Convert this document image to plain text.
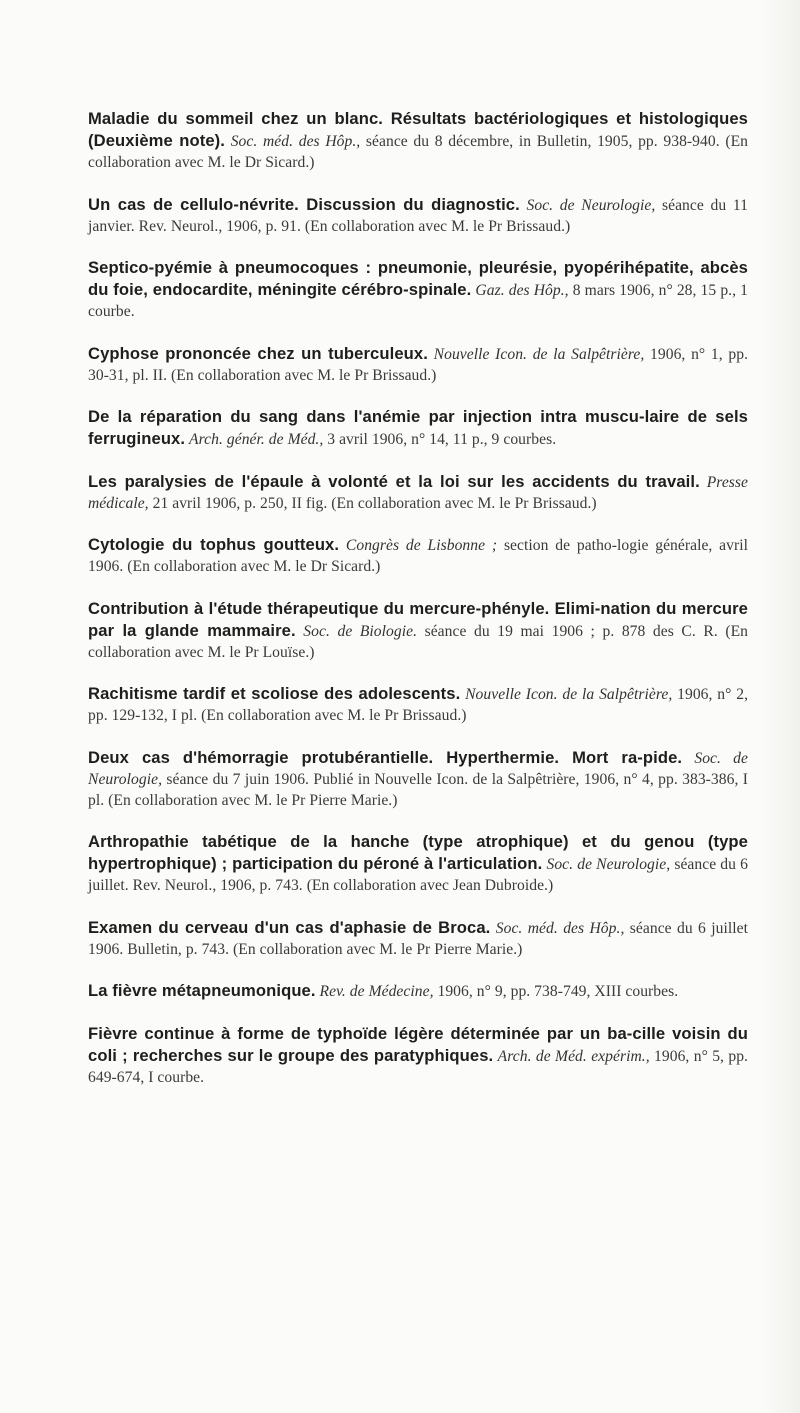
Maladie du sommeil chez un blanc. Résultats bactériologiques et histologiques (Deuxième note). Soc. méd. des Hôp., séance du 8 décembre, in Bulletin, 1905, pp. 938-940. (En collaboration avec M. le Dr Sicard.)

Un cas de cellulo-névrite. Discussion du diagnostic. Soc. de Neurologie, séance du 11 janvier. Rev. Neurol., 1906, p. 91. (En collaboration avec M. le Pr Brissaud.)

Septico-pyémie à pneumocoques : pneumonie, pleurésie, pyopérihépatite, abcès du foie, endocardite, méningite cérébro-spinale. Gaz. des Hôp., 8 mars 1906, n° 28, 15 p., 1 courbe.

Cyphose prononcée chez un tuberculeux. Nouvelle Icon. de la Salpêtrière, 1906, n° 1, pp. 30-31, pl. II. (En collaboration avec M. le Pr Brissaud.)

De la réparation du sang dans l'anémie par injection intra muscu-laire de sels ferrugineux. Arch. génér. de Méd., 3 avril 1906, n° 14, 11 p., 9 courbes.

Les paralysies de l'épaule à volonté et la loi sur les accidents du travail. Presse médicale, 21 avril 1906, p. 250, II fig. (En collaboration avec M. le Pr Brissaud.)

Cytologie du tophus goutteux. Congrès de Lisbonne ; section de patho-logie générale, avril 1906. (En collaboration avec M. le Dr Sicard.)

Contribution à l'étude thérapeutique du mercure-phényle. Elimi-nation du mercure par la glande mammaire. Soc. de Biologie. séance du 19 mai 1906 ; p. 878 des C. R. (En collaboration avec M. le Pr Louïse.)

Rachitisme tardif et scoliose des adolescents. Nouvelle Icon. de la Salpêtrière, 1906, n° 2, pp. 129-132, I pl. (En collaboration avec M. le Pr Brissaud.)

Deux cas d'hémorragie protubérantielle. Hyperthermie. Mort ra-pide. Soc. de Neurologie, séance du 7 juin 1906. Publié in Nouvelle Icon. de la Salpêtrière, 1906, n° 4, pp. 383-386, I pl. (En collaboration avec M. le Pr Pierre Marie.)

Arthropathie tabétique de la hanche (type atrophique) et du genou (type hypertrophique) ; participation du péroné à l'articulation. Soc. de Neurologie, séance du 6 juillet. Rev. Neurol., 1906, p. 743. (En collaboration avec Jean Dubroide.)

Examen du cerveau d'un cas d'aphasie de Broca. Soc. méd. des Hôp., séance du 6 juillet 1906. Bulletin, p. 743. (En collaboration avec M. le Pr Pierre Marie.)

La fièvre métapneumonique. Rev. de Médecine, 1906, n° 9, pp. 738-749, XIII courbes.

Fièvre continue à forme de typhoïde légère déterminée par un ba-cille voisin du coli ; recherches sur le groupe des paratyphiques. Arch. de Méd. expérim., 1906, n° 5, pp. 649-674, I courbe.
